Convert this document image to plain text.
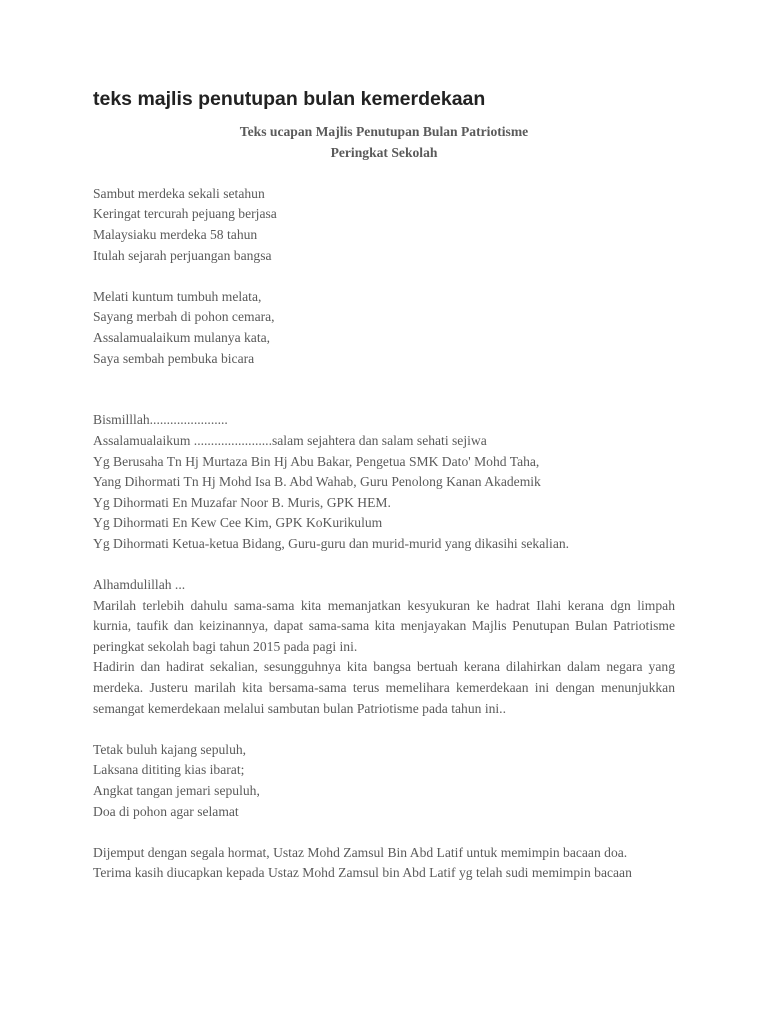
teks majlis penutupan bulan kemerdekaan
Teks ucapan Majlis Penutupan Bulan Patriotisme
Peringkat Sekolah
Sambut merdeka sekali setahun
Keringat tercurah pejuang berjasa
Malaysiaku merdeka 58 tahun
Itulah sejarah perjuangan bangsa
Melati kuntum tumbuh melata,
Sayang merbah di pohon cemara,
Assalamualaikum mulanya kata,
Saya sembah pembuka bicara
Bismilllah.......................
Assalamualaikum .......................salam sejahtera dan salam sehati sejiwa
Yg Berusaha Tn Hj Murtaza Bin Hj Abu Bakar, Pengetua SMK Dato' Mohd Taha,
Yang Dihormati Tn Hj Mohd Isa B. Abd Wahab, Guru Penolong Kanan Akademik
Yg Dihormati En Muzafar Noor B. Muris, GPK HEM.
Yg Dihormati En Kew Cee Kim, GPK KoKurikulum
Yg Dihormati Ketua-ketua Bidang, Guru-guru dan murid-murid yang dikasihi sekalian.
Alhamdulillah ...
Marilah terlebih dahulu sama-sama kita memanjatkan kesyukuran ke hadrat Ilahi kerana dgn limpah kurnia, taufik dan keizinannya, dapat sama-sama kita menjayakan Majlis Penutupan Bulan Patriotisme peringkat sekolah bagi tahun 2015 pada pagi ini.
Hadirin dan hadirat sekalian, sesungguhnya kita bangsa bertuah kerana dilahirkan dalam negara yang merdeka. Justeru marilah kita bersama-sama terus memelihara kemerdekaan ini dengan menunjukkan semangat kemerdekaan melalui sambutan bulan Patriotisme pada tahun ini..
Tetak buluh kajang sepuluh,
Laksana dititing kias ibarat;
Angkat tangan jemari sepuluh,
Doa di pohon agar selamat
Dijemput dengan segala hormat, Ustaz Mohd Zamsul Bin Abd Latif untuk memimpin bacaan doa.
Terima kasih diucapkan kepada Ustaz Mohd Zamsul bin Abd Latif yg telah sudi memimpin bacaan
